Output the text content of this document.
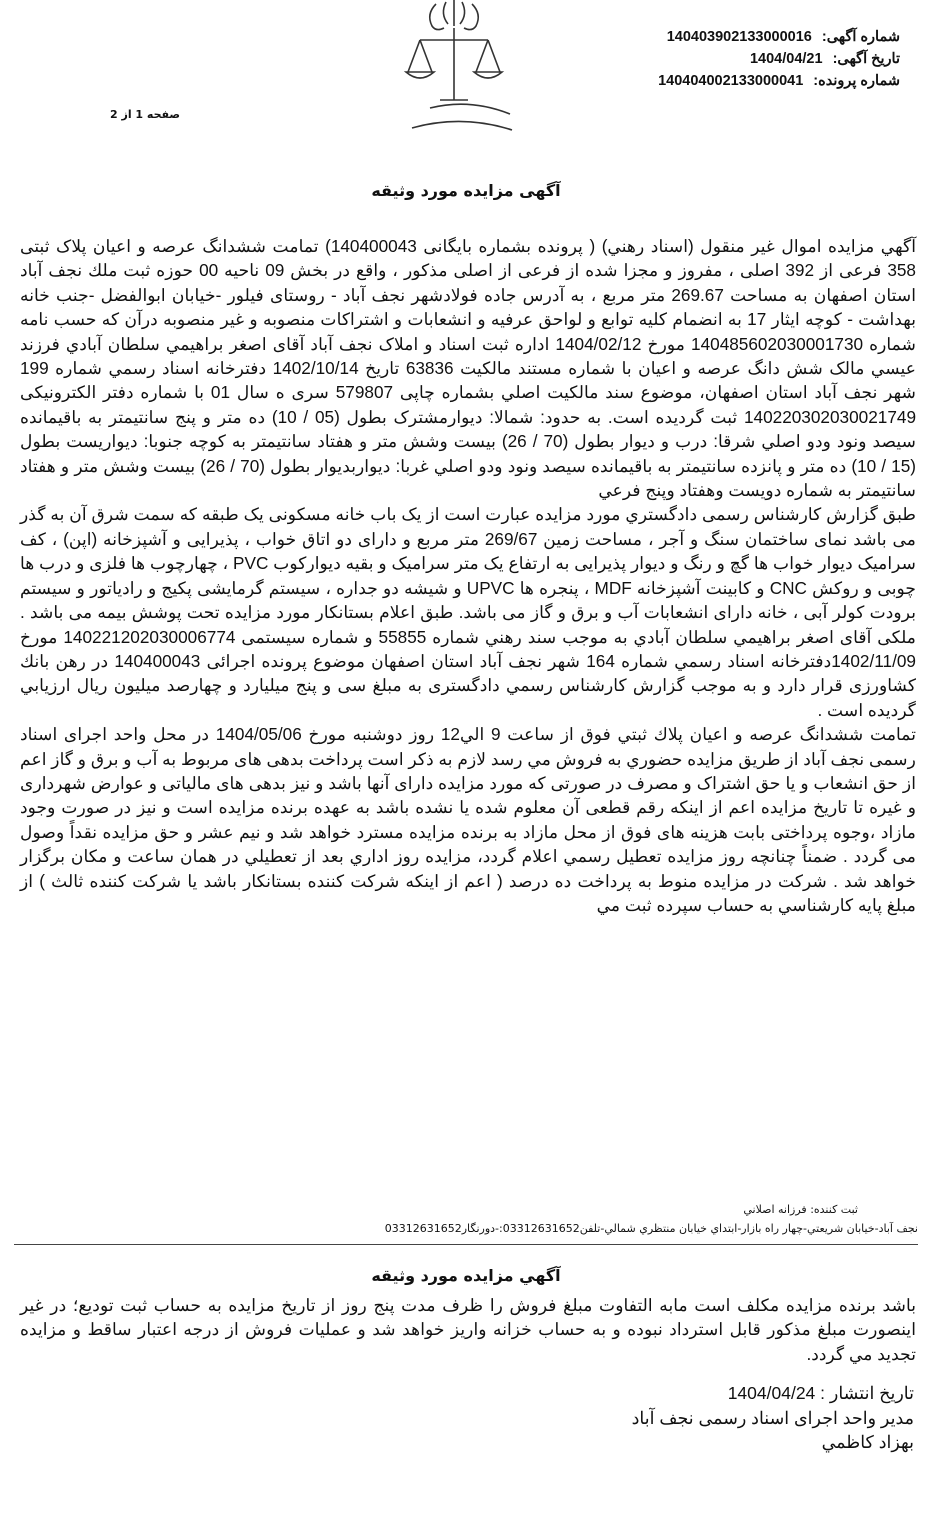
شماره آگهی: 14040390213300001​6
تاریخ آگهی: 1404/04/21
شماره پرونده: 14040400213300004​1
صفحه 1 از 2
آگهی مزایده مورد وثیقه

آگهي مزايده اموال غير منقول (اسناد رهني) ( پرونده بشماره بايگانی 140400043) تمامت ششدانگ عرصه و اعیان پلاک ثبتی 358 فرعی از 392 اصلی ، مفروز و مجزا شده از فرعی از اصلی مذکور ، واقع در بخش 09 ناحیه 00 حوزه ثبت ملك نجف آباد استان اصفهان به مساحت 269.67 متر مربع ، به آدرس جاده فولادشهر نجف آباد - روستای فیلور -خیابان ابوالفضل -جنب خانه بهداشت - کوچه ایثار 17 به انضمام کلیه توابع و لواحق عرفیه و انشعابات و اشتراکات منصوبه و غیر منصوبه درآن که حسب نامه شماره 14048560203000173​0 مورخ 1404/02/12 اداره ثبت اسناد و املاک نجف آباد آقای اصغر براهیمي سلطان آبادي فرزند عیسي مالک شش دانگ عرصه و اعیان با شماره مستند مالکیت 63836 تاریخ 1402/10/14 دفترخانه اسناد رسمي شماره 199 شهر نجف آباد استان اصفهان، موضوع سند مالکیت اصلي بشماره چاپی 579807 سری ه سال 01 با شماره دفتر الکترونیکی 14022030203002174​9 ثبت گردیده است. به حدود: شمالا: دیوارمشترک بطول (05 / 10) ده متر و پنج سانتیمتر به باقیمانده سیصد ونود ودو اصلي شرقا: درب و دیوار بطول (70 / 26) بیست وشش متر و هفتاد سانتیمتر به کوچه جنوبا: دیواریست بطول (15 / 10) ده متر و پانزده سانتیمتر به باقیمانده سیصد ونود ودو اصلي غربا: دیواربدیوار بطول (70 / 26) بیست وشش متر و هفتاد سانتیمتر به شماره دویست وهفتاد وپنج فرعي

طبق گزارش کارشناس رسمی دادگستري مورد مزايده عبارت است از یک باب خانه مسکونی یک طبقه که سمت شرق آن به گذر می باشد نمای ساختمان سنگ و آجر ، مساحت زمین 269/67 متر مربع و دارای دو اتاق خواب ، پذیرایی و آشپزخانه (اپن) ، کف سرامیک دیوار خواب ها گچ و رنگ و دیوار پذیرایی به ارتفاع یک متر سرامیک و بقیه دیوارکوب PVC ، چهارچوب ها فلزی و درب ها چوبی و روکش CNC و کابینت آشپزخانه MDF ، پنجره ها UPVC و شیشه دو جداره ، سیستم گرمایشی پکیج و رادیاتور و سیستم برودت کولر آبی ، خانه دارای انشعابات آب و برق و گاز می باشد. طبق اعلام بستانکار مورد مزایده تحت پوشش بیمه می باشد . ملکی آقای اصغر براهیمي سلطان آبادي به موجب سند رهني شماره 55855 و شماره سیستمی 14022120203000677​4 مورخ 1402/11/09دفترخانه اسناد رسمي شماره 164 شهر نجف آباد استان اصفهان موضوع پرونده اجرائی 140400043 در رهن بانك کشاورزی قرار دارد و به موجب گزارش کارشناس رسمي دادگستری به مبلغ سی و پنج میلیارد و چهارصد میلیون ریال ارزیابي گردیده است .

تمامت ششدانگ عرصه و اعيان پلاك ثبتي فوق از ساعت 9 الي12 روز دوشنبه مورخ 1404/05/06 در محل واحد اجرای اسناد رسمی نجف آباد از طريق مزايده حضوري به فروش مي رسد لازم به ذكر است پرداخت بدهی های مربوط به آب و برق و گاز اعم از حق انشعاب و یا حق اشتراک و مصرف در صورتی که مورد مزایده دارای آنها باشد و نیز بدهی های مالیاتی و عوارض شهرداری و غیره تا تاریخ مزایده اعم از اینکه رقم قطعی آن معلوم شده یا نشده باشد به عهده برنده مزایده است و نیز در صورت وجود مازاد ،وجوه پرداختی بابت هزینه های فوق از محل مازاد به برنده مزایده مسترد خواهد شد و نیم عشر و حق مزایده نقداً وصول می گردد . ضمناً چنانچه روز مزايده تعطيل رسمي اعلام گردد، مزايده روز اداري بعد از تعطيلي در همان ساعت و مكان برگزار خواهد شد . شركت در مزايده منوط به پرداخت ده درصد ( اعم از اینکه شرکت کننده بستانکار باشد یا شرکت کننده ثالث ) از مبلغ پایه کارشناسي به حساب سپرده ثبت مي

ثبت کننده: فرزانه اصلاني
نجف آباد-خيابان شريعتي-چهار راه بازار-ابتداي خيابان منتظري شمالي-تلفن03312631652:-دورنگار03312631652
آگهي مزايده مورد وثيقه

باشد برنده مزایده مکلف است مابه التفاوت مبلغ فروش را ظرف مدت پنج روز از تاریخ مزایده به حساب ثبت توديع؛ در غير اينصورت مبلغ مذکور قابل استرداد نبوده و به حساب خزانه واريز خواهد شد و عمليات فروش از درجه اعتبار ساقط و مزايده تجديد مي گردد.

تاریخ انتشار : 1404/04/24
مدير واحد اجرای اسناد رسمی نجف آباد
بهزاد کاظمي
